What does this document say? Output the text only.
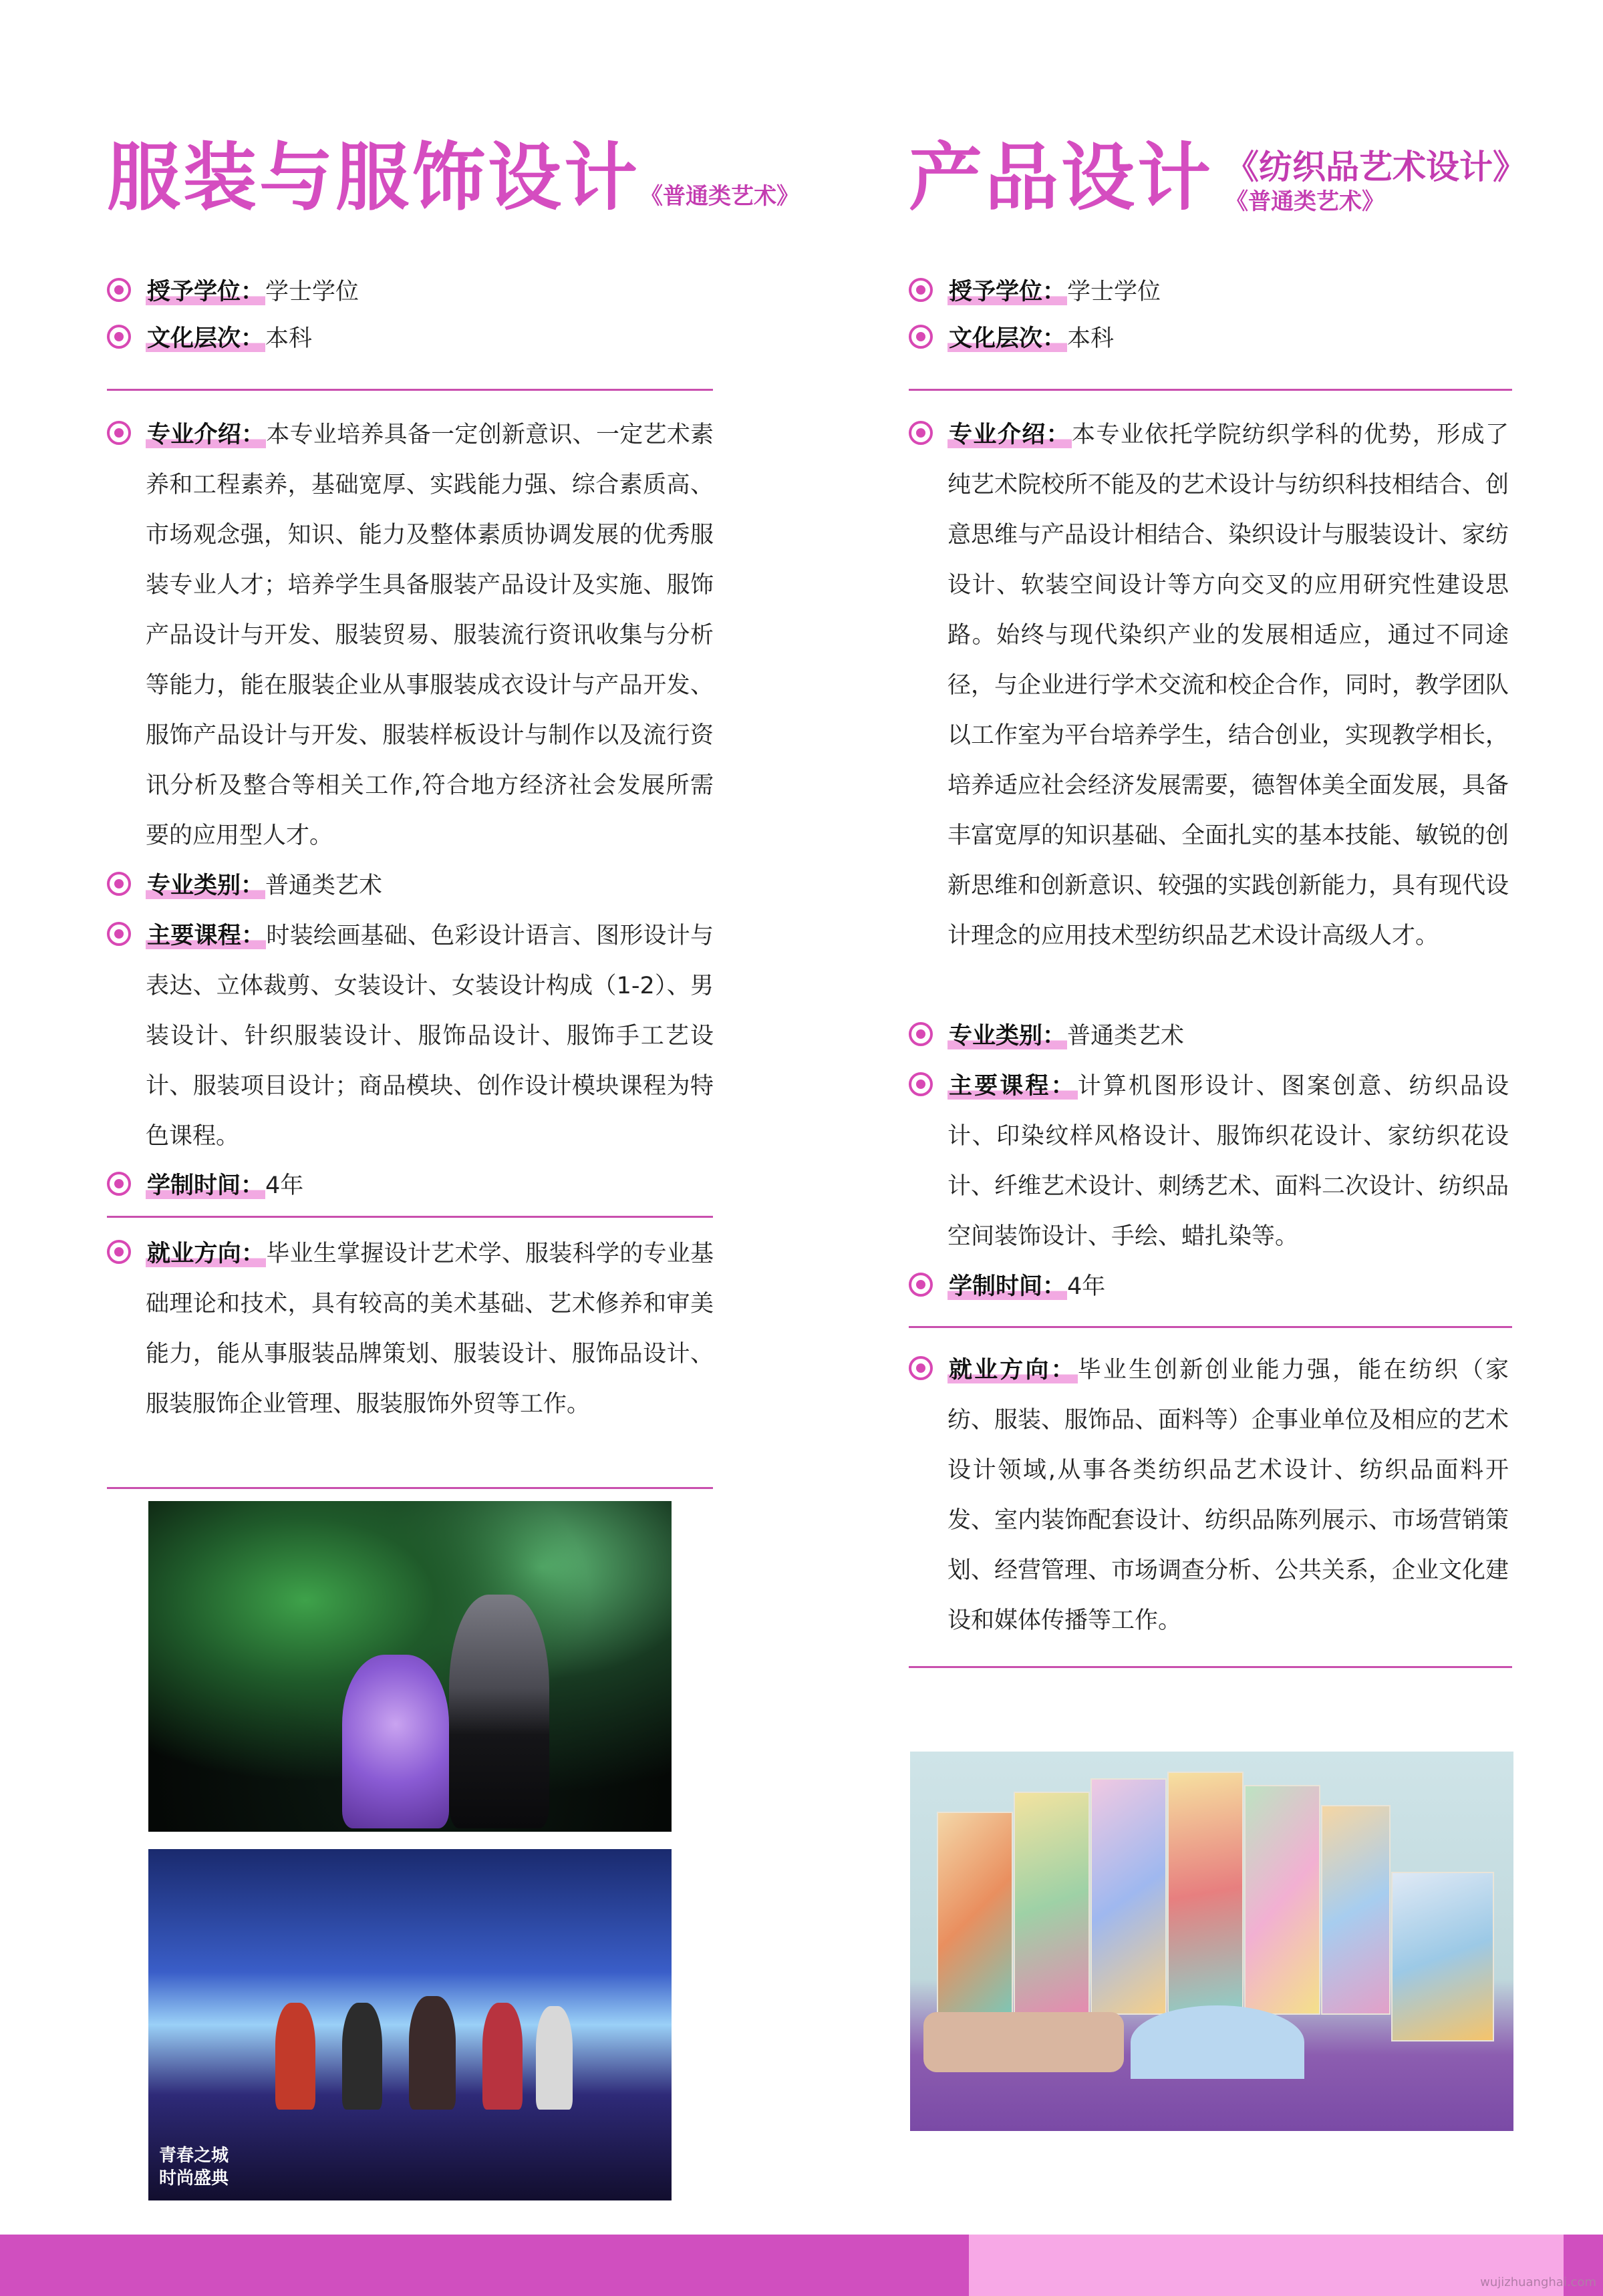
服装与服饰设计 《普通类艺术》
授予学位：学士学位
文化层次：本科
专业介绍：本专业培养具备一定创新意识、一定艺术素养和工程素养，基础宽厚、实践能力强、综合素质高、市场观念强，知识、能力及整体素质协调发展的优秀服装专业人才；培养学生具备服装产品设计及实施、服饰产品设计与开发、服装贸易、服装流行资讯收集与分析等能力，能在服装企业从事服装成衣设计与产品开发、服饰产品设计与开发、服装样板设计与制作以及流行资讯分析及整合等相关工作,符合地方经济社会发展所需要的应用型人才。
专业类别：普通类艺术
主要课程：时装绘画基础、色彩设计语言、图形设计与表达、立体裁剪、女装设计、女装设计构成（1-2）、男装设计、针织服装设计、服饰品设计、服饰手工艺设计、服装项目设计；商品模块、创作设计模块课程为特色课程。
学制时间：4年
就业方向：毕业生掌握设计艺术学、服装科学的专业基础理论和技术，具有较高的美术基础、艺术修养和审美能力，能从事服装品牌策划、服装设计、服饰品设计、服装服饰企业管理、服装服饰外贸等工作。
青春之城
时尚盛典
产品设计 《纺织品艺术设计》
《普通类艺术》
授予学位：学士学位
文化层次：本科
专业介绍：本专业依托学院纺织学科的优势，形成了纯艺术院校所不能及的艺术设计与纺织科技相结合、创意思维与产品设计相结合、染织设计与服装设计、家纺设计、软装空间设计等方向交叉的应用研究性建设思路。始终与现代染织产业的发展相适应，通过不同途径，与企业进行学术交流和校企合作，同时，教学团队以工作室为平台培养学生，结合创业，实现教学相长，培养适应社会经济发展需要，德智体美全面发展，具备丰富宽厚的知识基础、全面扎实的基本技能、敏锐的创新思维和创新意识、较强的实践创新能力，具有现代设计理念的应用技术型纺织品艺术设计高级人才。
专业类别：普通类艺术
主要课程：计算机图形设计、图案创意、纺织品设计、印染纹样风格设计、服饰织花设计、家纺织花设计、纤维艺术设计、刺绣艺术、面料二次设计、纺织品空间装饰设计、手绘、蜡扎染等。
学制时间：4年
就业方向：毕业生创新创业能力强，能在纺织（家纺、服装、服饰品、面料等）企事业单位及相应的艺术设计领域,从事各类纺织品艺术设计、纺织品面料开发、室内装饰配套设计、纺织品陈列展示、市场营销策划、经营管理、市场调查分析、公共关系，企业文化建设和媒体传播等工作。
wujizhuanghai.com
